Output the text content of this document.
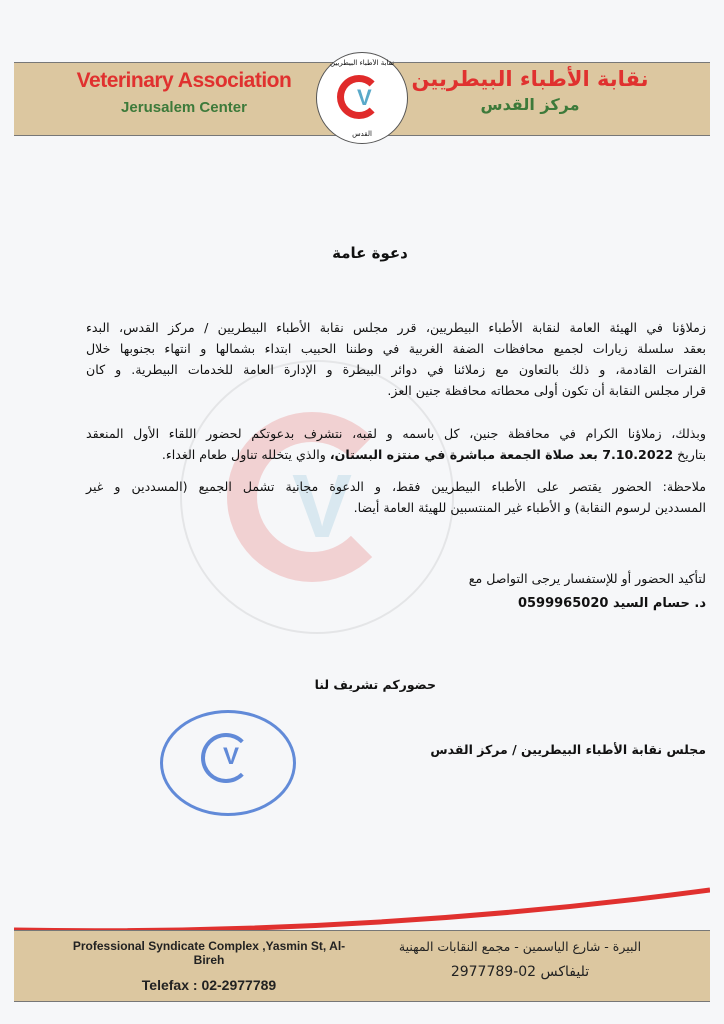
Veterinary Association
Jerusalem Center
نقابة الأطباء البيطريين
مركز القدس
نقابة الأطباء البيطريين
V
القدس
V
دعوة عامة
زملاؤنا في الهيئة العامة لنقابة الأطباء البيطريين، قرر مجلس نقابة الأطباء البيطريين / مركز القدس، البدء
بعقد سلسلة زيارات لجميع محافظات الضفة الغربية في وطننا الحبيب ابتداء بشمالها و انتهاء بجنوبها خلال
الفترات القادمة، و ذلك بالتعاون مع زملائنا في دوائر البيطرة و الإدارة العامة للخدمات البيطرية. و كان
قرار مجلس النقابة أن تكون أولى محطاته محافظة جنين العز.
وبذلك، زملاؤنا الكرام في محافظة جنين، كل باسمه و لقبه، نتشرف بدعوتكم لحضور اللقاء الأول المنعقد
بتاريخ 7.10.2022 بعد صلاة الجمعة مباشرة في منتزه البستان، والذي يتخلله تناول طعام الغداء.
ملاحظة: الحضور يقتصر على الأطباء البيطريين فقط، و الدعوة مجانية تشمل الجميع (المسددين و غير
المسددين لرسوم النقابة) و الأطباء غير المنتسبين للهيئة العامة أيضا.
لتأكيد الحضور أو للإستفسار يرجى التواصل مع
د. حسام السيد 0599965020
حضوركم تشريف لنا
V	مجلس نقابة الأطباء البيطريين / مركز القدس
Professional Syndicate Complex ,Yasmin St, Al-Bireh
Telefax : 02-2977789
البيرة - شارع الياسمين - مجمع النقابات المهنية
تليفاكس 02-2977789
